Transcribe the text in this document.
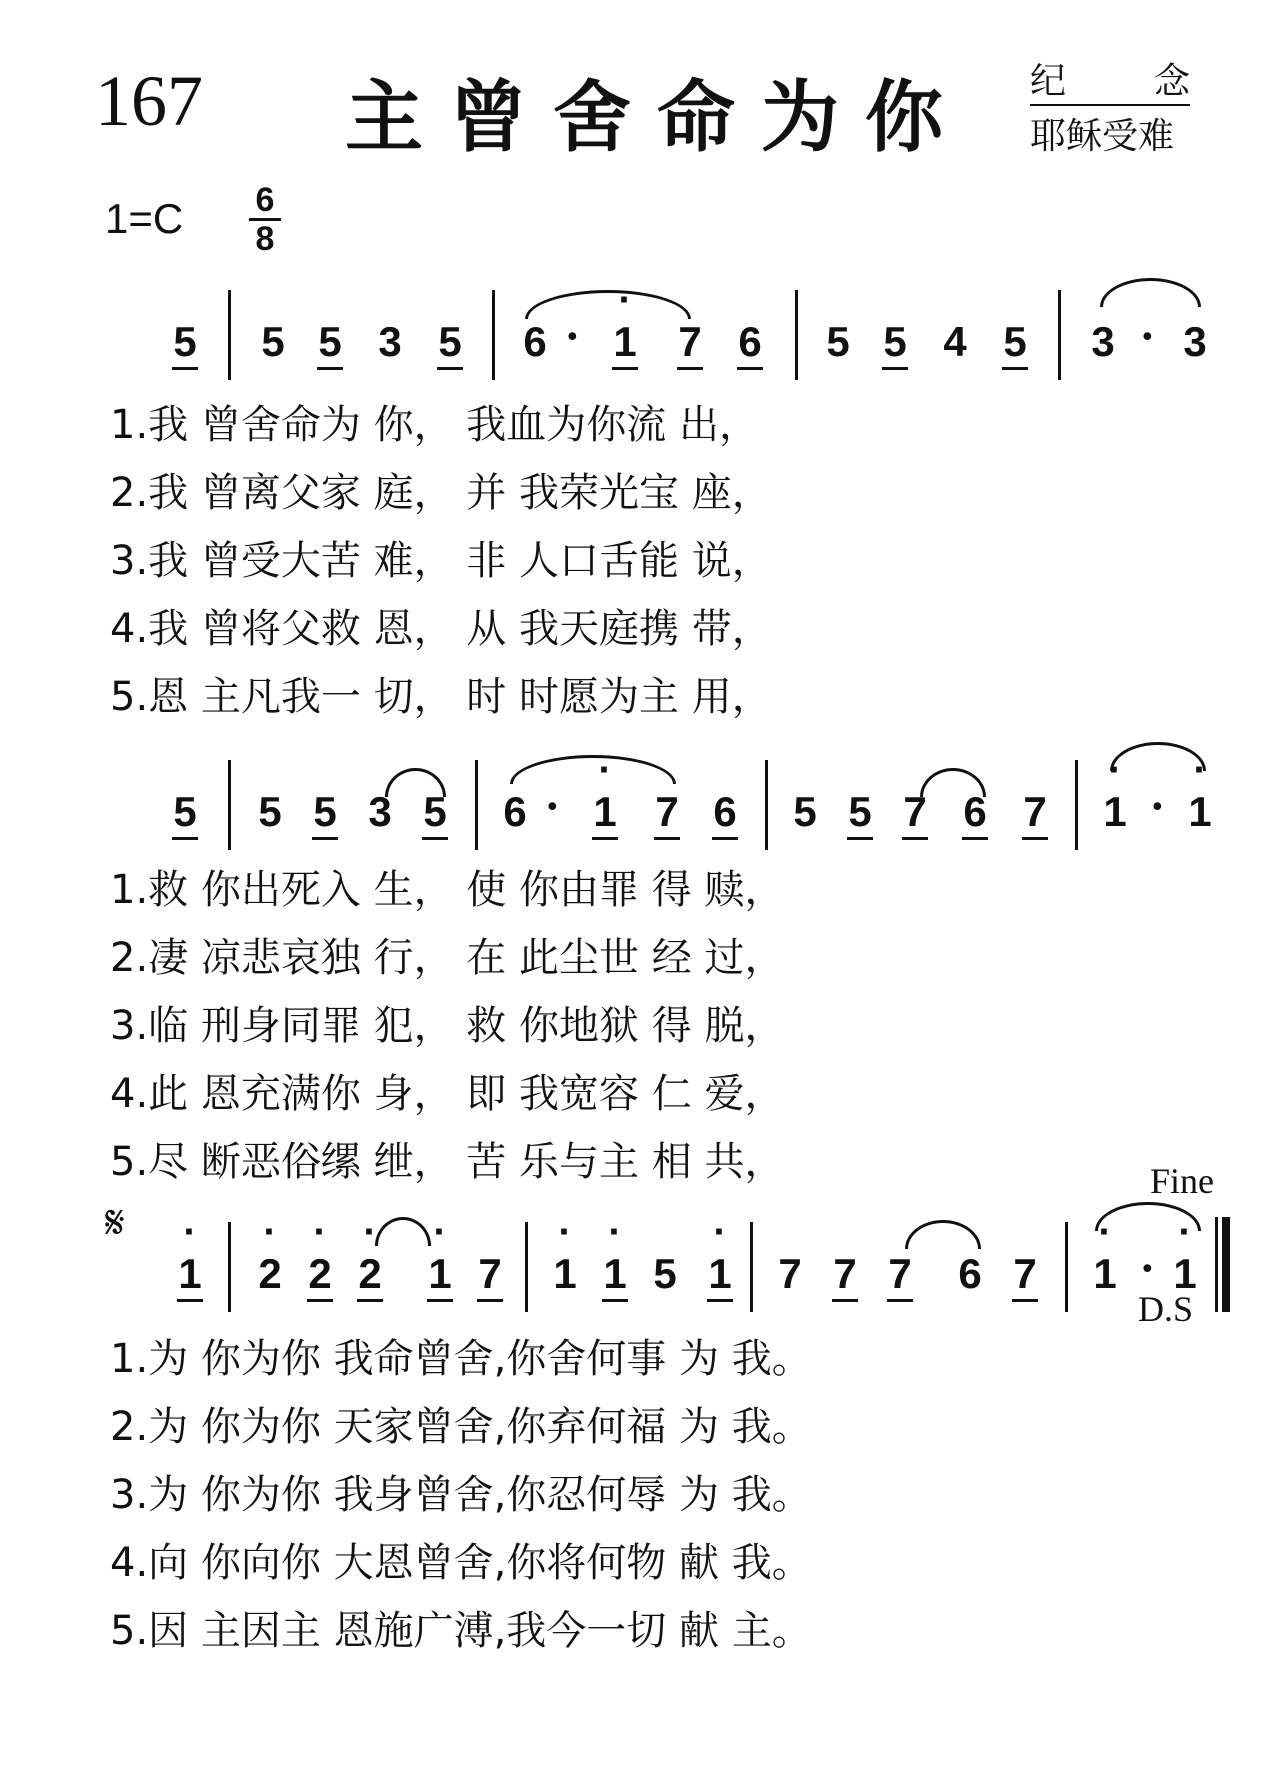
167 主曾舍命为你 纪 念
耶稣受难
1=C	6
8
5 5 5 3 5 6 · 1
·
7 6 5 5 4 5 3 · 3
1.我 曾舍命为 你， 我血为你流 出，
2.我 曾离父家 庭， 并 我荣光宝 座，
3.我 曾受大苦 难， 非 人口舌能 说，
4.我 曾将父救 恩， 从 我天庭携 带，
5.恩 主凡我一 切， 时 时愿为主 用，
5 5 5 3 5 6 · 1
·
7 6 5 5 7 6 7 1
·
· 1
·
1.救 你出死入 生， 使 你由罪 得 赎，
2.凄 凉悲哀独 行， 在 此尘世 经 过，
3.临 刑身同罪 犯， 救 你地狱 得 脱，
4.此 恩充满你 身， 即 我宽容 仁 爱，
5.尽 断恶俗缧 绁， 苦 乐与主 相 共，	Fine
𝄋
1
·
2
·
2
·
2
·
1
·
7 1
·
1
·
5 1
·
7 7 7 6 7 1
·
· 1
·
D.S
1.为 你为你 我命曾舍,你舍何事 为 我。
2.为 你为你 天家曾舍,你弃何福 为 我。
3.为 你为你 我身曾舍,你忍何辱 为 我。
4.向 你向你 大恩曾舍,你将何物 献 我。
5.因 主因主 恩施广溥,我今一切 献 主。
